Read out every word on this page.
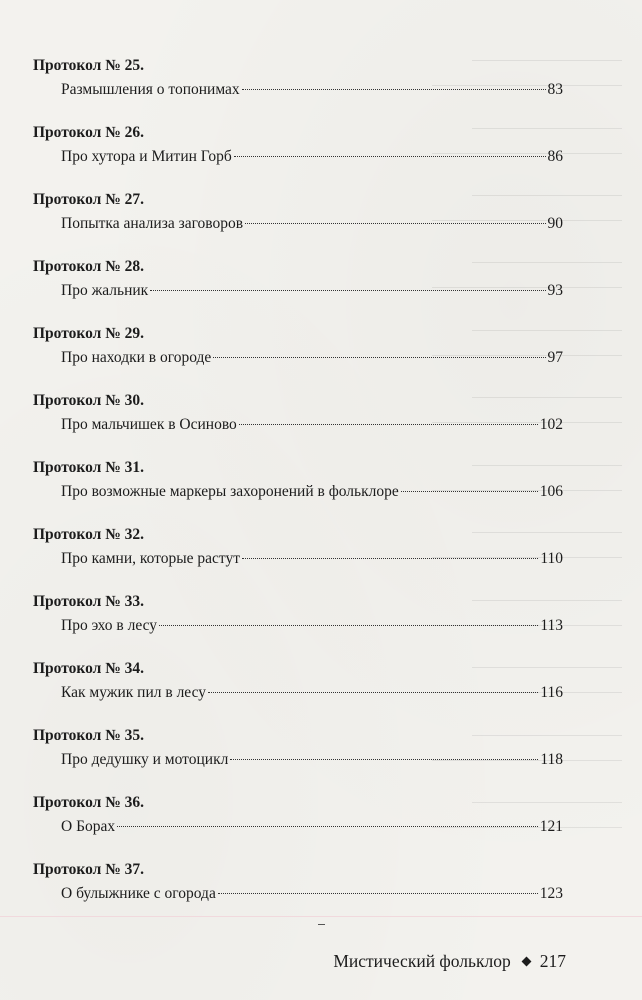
Протокол № 25.
Размышления о топонимах	83
Протокол № 26.
Про хутора и Митин Горб	86
Протокол № 27.
Попытка анализа заговоров	90
Протокол № 28.
Про жальник	93
Протокол № 29.
Про находки в огороде	97
Протокол № 30.
Про мальчишек в Осиново	102
Протокол № 31.
Про возможные маркеры захоронений в фольклоре	106
Протокол № 32.
Про камни, которые растут	110
Протокол № 33.
Про эхо в лесу	113
Протокол № 34.
Как мужик пил в лесу	116
Протокол № 35.
Про дедушку и мотоцикл	118
Протокол № 36.
О Борах	121
Протокол № 37.
О булыжнике с огорода	123
Мистический фольклор 217
